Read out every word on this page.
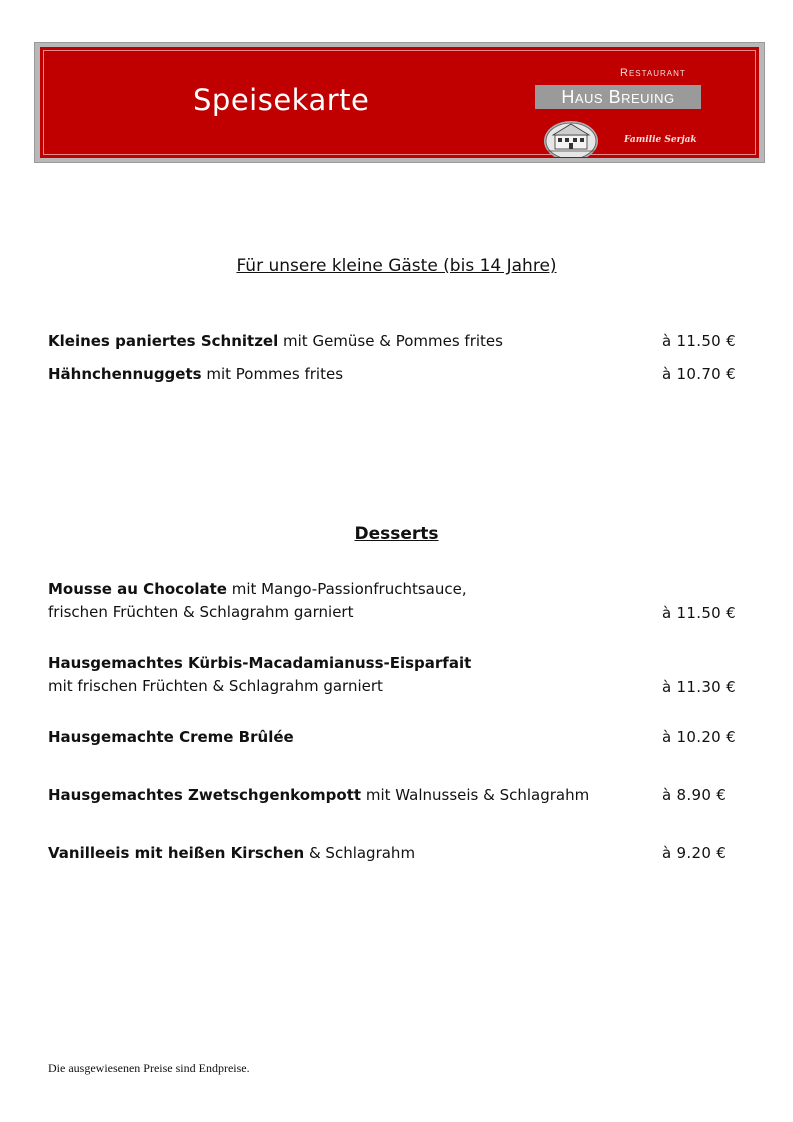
Speisekarte
Restaurant
Haus Breuing
Familie Serjak
Für unsere kleine Gäste (bis 14 Jahre)
Kleines paniertes Schnitzel mit Gemüse & Pommes frites	à 11.50 €
Hähnchennuggets mit Pommes frites	à 10.70 €
Desserts
Mousse au Chocolate mit Mango-Passionfruchtsauce,
frischen Früchten & Schlagrahm garniert	à 11.50 €
Hausgemachtes Kürbis-Macadamianuss-Eisparfait
mit frischen Früchten & Schlagrahm garniert	à 11.30 €
Hausgemachte Creme Brûlée	à 10.20 €
Hausgemachtes Zwetschgenkompott mit Walnusseis & Schlagrahm	à 8.90 €
Vanilleeis mit heißen Kirschen & Schlagrahm	à 9.20 €
Die ausgewiesenen Preise sind Endpreise.
